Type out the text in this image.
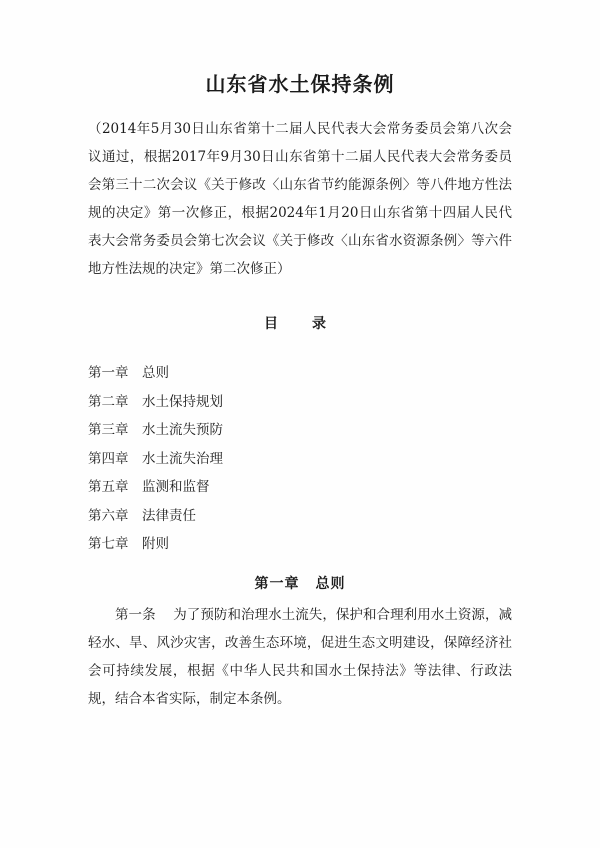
山东省水土保持条例

（2014年5月30日山东省第十二届人民代表大会常务委员会第八次会议通过，根据2017年9月30日山东省第十二届人民代表大会常务委员会第三十二次会议《关于修改〈山东省节约能源条例〉等八件地方性法规的决定》第一次修正，根据2024年1月20日山东省第十四届人民代表大会常务委员会第七次会议《关于修改〈山东省水资源条例〉等六件地方性法规的决定》第二次修正）

目　录
第一章 总则
第二章 水土保持规划
第三章 水土流失预防
第四章 水土流失治理
第五章 监测和监督
第六章 法律责任
第七章 附则
第一章 总则

第一条 为了预防和治理水土流失，保护和合理利用水土资源，减轻水、旱、风沙灾害，改善生态环境，促进生态文明建设，保障经济社会可持续发展，根据《中华人民共和国水土保持法》等法律、行政法规，结合本省实际，制定本条例。
